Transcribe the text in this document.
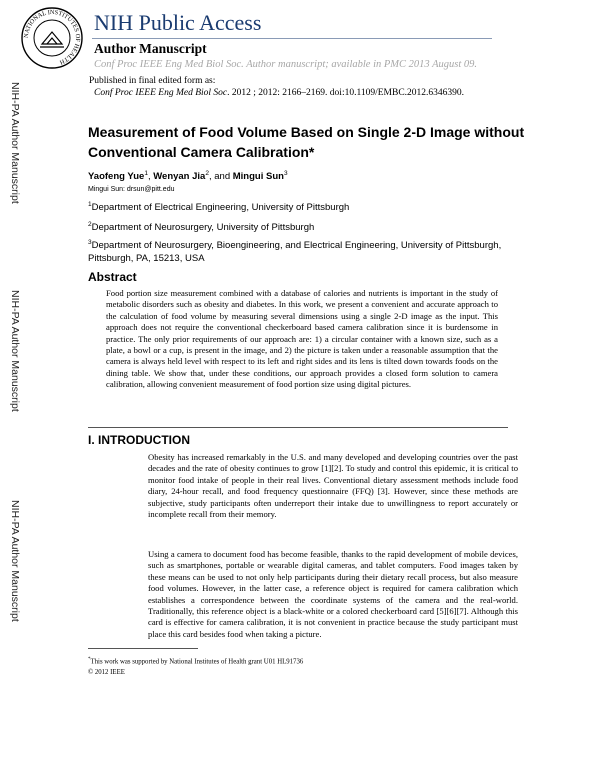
NATIONAL INSTITUTES OF HEALTH
NIH Public Access
Author Manuscript
Conf Proc IEEE Eng Med Biol Soc. Author manuscript; available in PMC 2013 August 09.
Published in final edited form as:
Conf Proc IEEE Eng Med Biol Soc. 2012 ; 2012: 2166–2169. doi:10.1109/EMBC.2012.6346390.
NIH-PA Author Manuscript
NIH-PA Author Manuscript
NIH-PA Author Manuscript
Measurement of Food Volume Based on Single 2-D Image without Conventional Camera Calibration*
Yaofeng Yue$^1$, Wenyan Jia$^2$, and Mingui Sun$^3$
Mingui Sun: drsun@pitt.edu
$^1$Department of Electrical Engineering, University of Pittsburgh
$^2$Department of Neurosurgery, University of Pittsburgh
$^3$Department of Neurosurgery, Bioengineering, and Electrical Engineering, University of Pittsburgh, Pittsburgh, PA, 15213, USA
Abstract
Food portion size measurement combined with a database of calories and nutrients is important in the study of metabolic disorders such as obesity and diabetes. In this work, we present a convenient and accurate approach to the calculation of food volume by measuring several dimensions using a single 2-D image as the input. This approach does not require the conventional checkerboard based camera calibration since it is burdensome in practice. The only prior requirements of our approach are: 1) a circular container with a known size, such as a plate, a bowl or a cup, is present in the image, and 2) the picture is taken under a reasonable assumption that the camera is always held level with respect to its left and right sides and its lens is tilted down towards foods on the dining table. We show that, under these conditions, our approach provides a closed form solution to camera calibration, allowing convenient measurement of food portion size using digital pictures.
I. INTRODUCTION
Obesity has increased remarkably in the U.S. and many developed and developing countries over the past decades and the rate of obesity continues to grow [1][2]. To study and control this epidemic, it is critical to monitor food intake of people in their real lives. Conventional dietary assessment methods include food diary, 24-hour recall, and food frequency questionnaire (FFQ) [3]. However, since these methods are subjective, study participants often underreport their intake due to unwillingness to report accurately or incomplete recall from their memory.
Using a camera to document food has become feasible, thanks to the rapid development of mobile devices, such as smartphones, portable or wearable digital cameras, and tablet computers. Food images taken by these means can be used to not only help participants during their dietary recall process, but also measure food volumes. However, in the latter case, a reference object is required for camera calibration which establishes a correspondence between the coordinate systems of the camera and the real-world. Traditionally, this reference object is a black-white or a colored checkerboard card [5][6][7]. Although this card is effective for camera calibration, it is not convenient in practice because the study participant must place this card besides food when taking a picture.
*This work was supported by National Institutes of Health grant U01 HL91736
© 2012 IEEE
